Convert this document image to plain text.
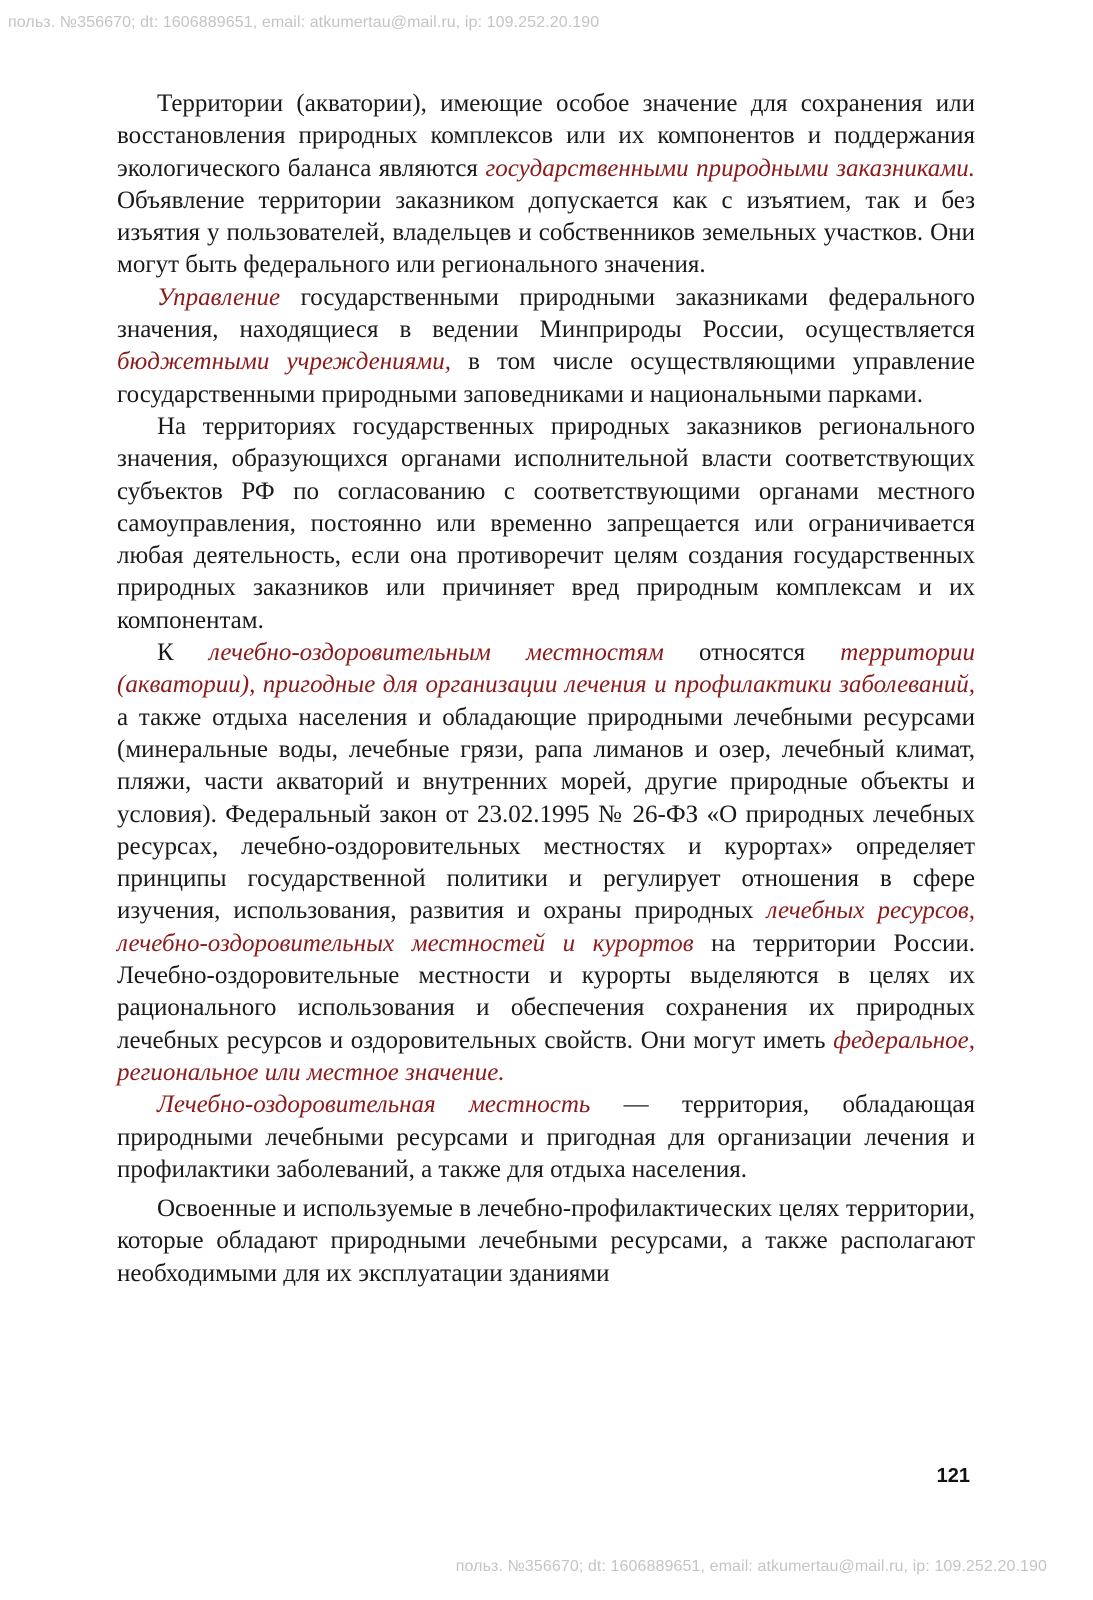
польз. №356670; dt: 1606889651, email: atkumertau@mail.ru, ip: 109.252.20.190

Территории (акватории), имеющие особое значение для сохранения или восстановления природных комплексов или их компонентов и поддержания экологического баланса являются государственными природными заказниками. Объявление территории заказником допускается как с изъятием, так и без изъятия у пользователей, владельцев и собственников земельных участков. Они могут быть федерального или регионального значения.

Управление государственными природными заказниками федерального значения, находящиеся в ведении Минприроды России, осуществляется бюджетными учреждениями, в том числе осуществляющими управление государственными природными заповедниками и национальными парками.

На территориях государственных природных заказников регионального значения, образующихся органами исполнительной власти соответствующих субъектов РФ по согласованию с соответствующими органами местного самоуправления, постоянно или временно запрещается или ограничивается любая деятельность, если она противоречит целям создания государственных природных заказников или причиняет вред природным комплексам и их компонентам.

К лечебно-оздоровительным местностям относятся территории (акватории), пригодные для организации лечения и профилактики заболеваний, а также отдыха населения и обладающие природными лечебными ресурсами (минеральные воды, лечебные грязи, рапа лиманов и озер, лечебный климат, пляжи, части акваторий и внутренних морей, другие природные объекты и условия). Федеральный закон от 23.02.1995 № 26-ФЗ «О природных лечебных ресурсах, лечебно-оздоровительных местностях и курортах» определяет принципы государственной политики и регулирует отношения в сфере изучения, использования, развития и охраны природных лечебных ресурсов, лечебно-оздоровительных местностей и курортов на территории России. Лечебно-оздоровительные местности и курорты выделяются в целях их рационального использования и обеспечения сохранения их природных лечебных ресурсов и оздоровительных свойств. Они могут иметь федеральное, региональное или местное значение.

Лечебно-оздоровительная местность — территория, обладающая природными лечебными ресурсами и пригодная для организации лечения и профилактики заболеваний, а также для отдыха населения.

Освоенные и используемые в лечебно-профилактических целях территории, которые обладают природными лечебными ресурсами, а также располагают необходимыми для их эксплуатации зданиями

121
польз. №356670; dt: 1606889651, email: atkumertau@mail.ru, ip: 109.252.20.190
